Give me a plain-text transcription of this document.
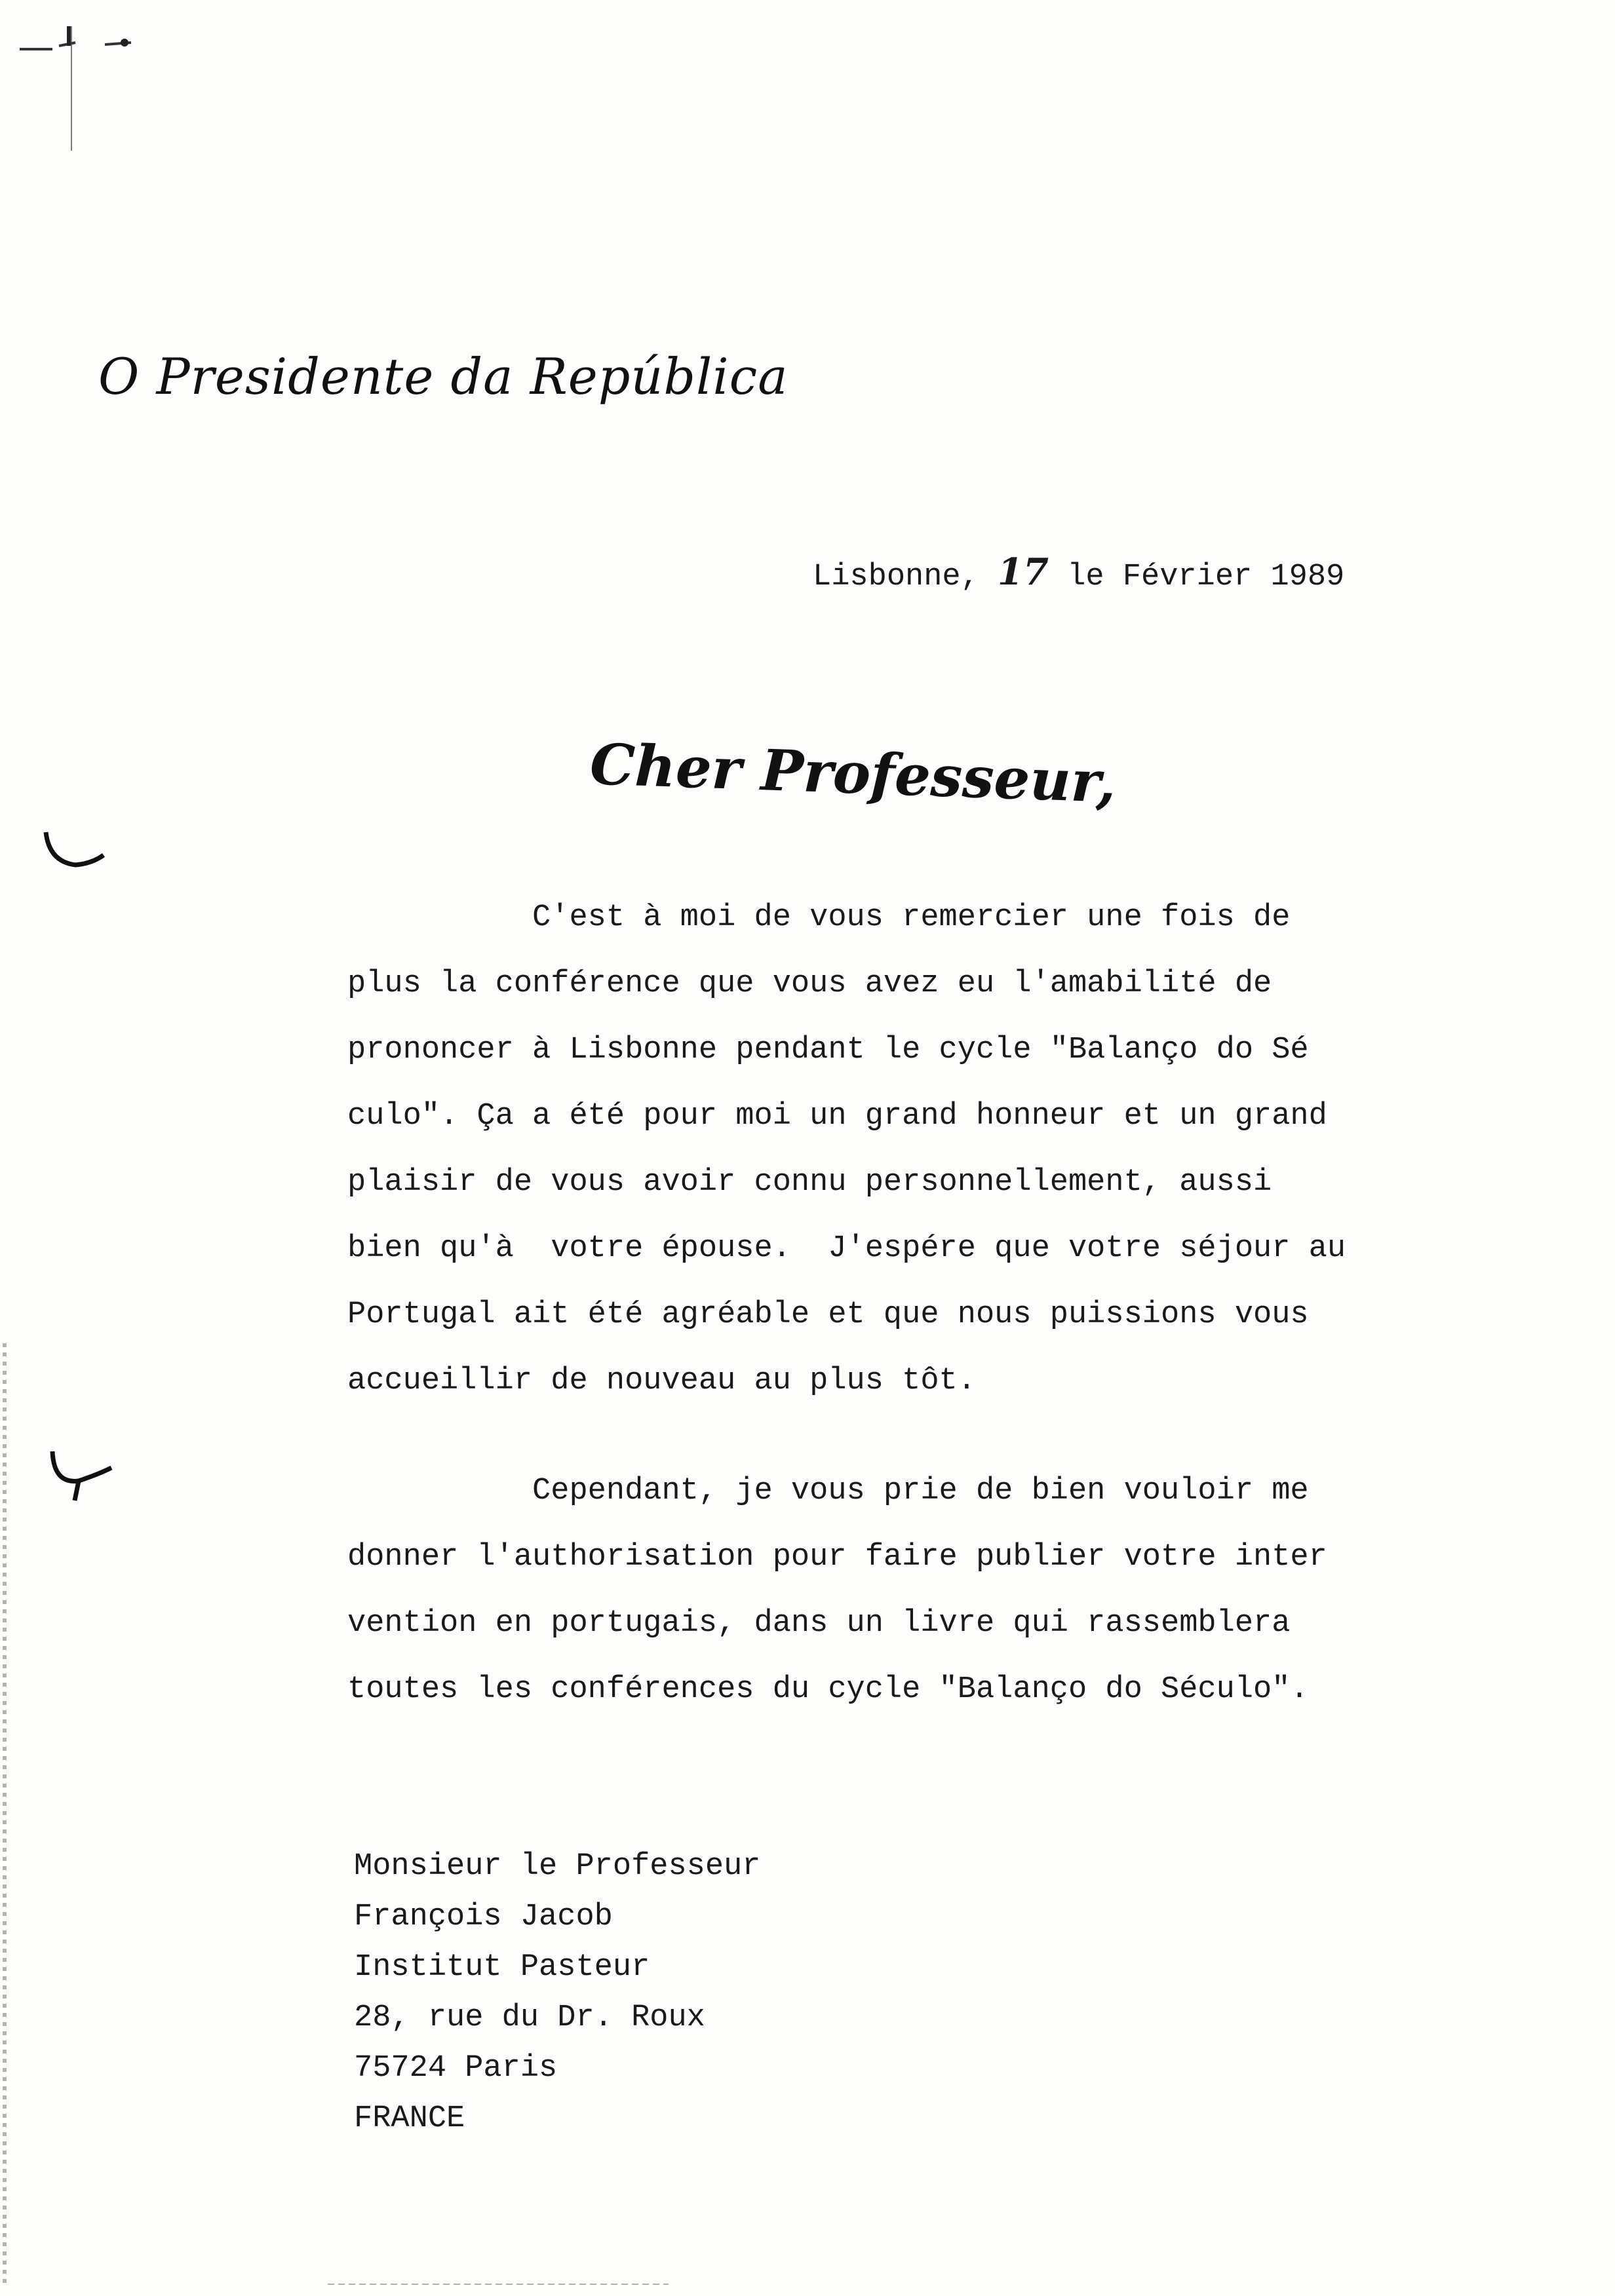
O Presidente da República
Lisbonne, 17 le Février 1989
Cher Professeur,
C'est à moi de vous remercier une fois de
plus la conférence que vous avez eu l'amabilité de
prononcer à Lisbonne pendant le cycle "Balanço do Sé
culo". Ça a été pour moi un grand honneur et un grand
plaisir de vous avoir connu personnellement, aussi
bien qu'à  votre épouse.  J'espére que votre séjour au
Portugal ait été agréable et que nous puissions vous
accueillir de nouveau au plus tôt.
Cependant, je vous prie de bien vouloir me
donner l'authorisation pour faire publier votre inter
vention en portugais, dans un livre qui rassemblera
toutes les conférences du cycle "Balanço do Século".
Monsieur le Professeur
François Jacob
Institut Pasteur
28, rue du Dr. Roux
75724 Paris
FRANCE
